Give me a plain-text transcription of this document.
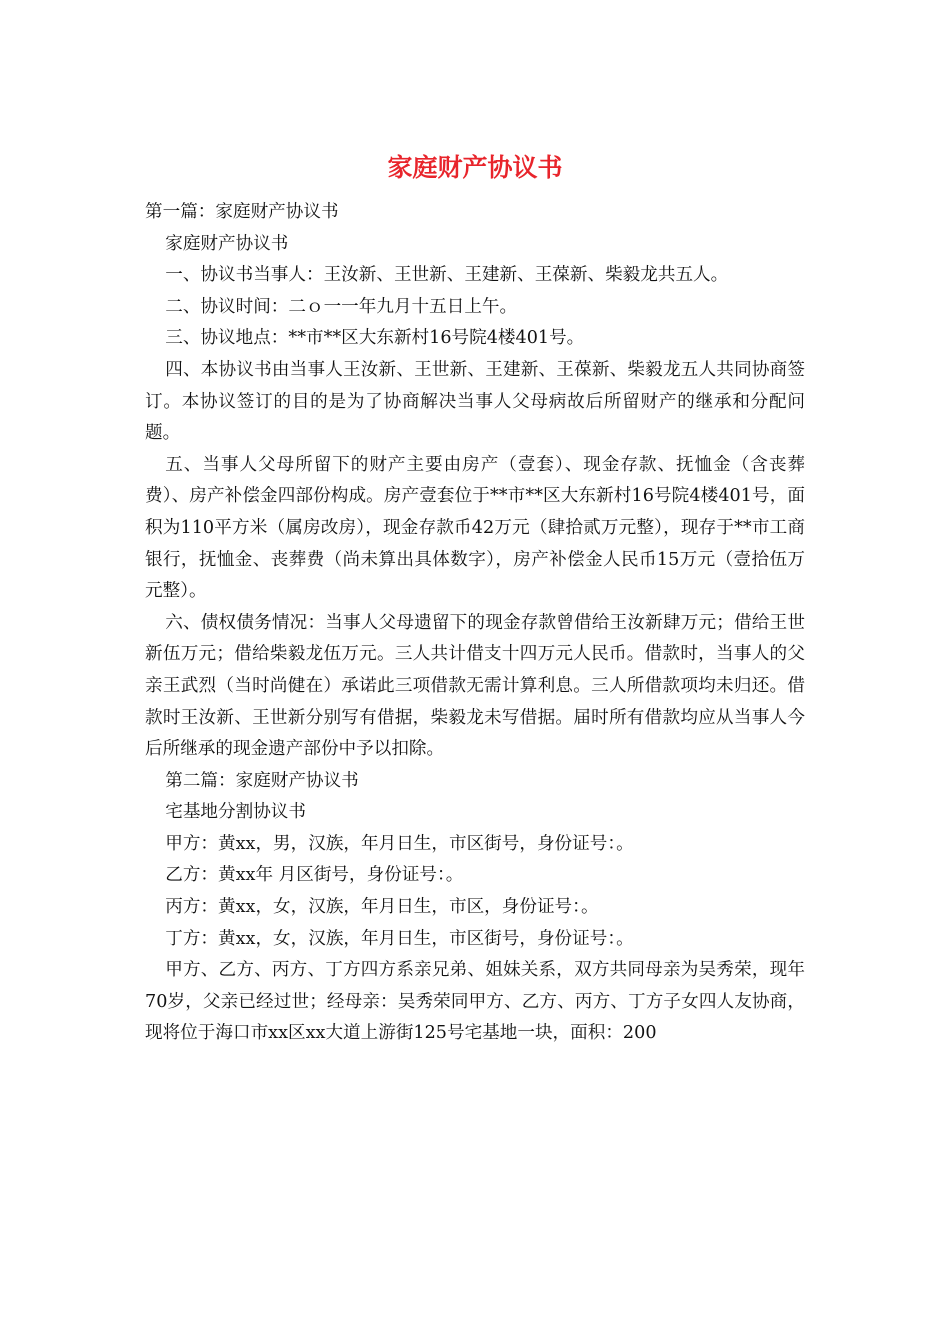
家庭财产协议书

第一篇：家庭财产协议书

家庭财产协议书

一、协议书当事人：王汝新、王世新、王建新、王葆新、柴毅龙共五人。

二、协议时间：二ｏ一一年九月十五日上午。

三、协议地点：**市**区大东新村16号院4楼401号。

四、本协议书由当事人王汝新、王世新、王建新、王葆新、柴毅龙五人共同协商签订。本协议签订的目的是为了协商解决当事人父母病故后所留财产的继承和分配问题。

五、当事人父母所留下的财产主要由房产（壹套）、现金存款、抚恤金（含丧葬费）、房产补偿金四部份构成。房产壹套位于**市**区大东新村16号院4楼401号，面积为110平方米（属房改房），现金存款币42万元（肆拾贰万元整），现存于**市工商银行，抚恤金、丧葬费（尚未算出具体数字），房产补偿金人民币15万元（壹拾伍万元整）。

六、债权债务情况：当事人父母遗留下的现金存款曾借给王汝新肆万元；借给王世新伍万元；借给柴毅龙伍万元。三人共计借支十四万元人民币。借款时，当事人的父亲王武烈（当时尚健在）承诺此三项借款无需计算利息。三人所借款项均未归还。借款时王汝新、王世新分别写有借据，柴毅龙未写借据。届时所有借款均应从当事人今后所继承的现金遗产部份中予以扣除。

第二篇：家庭财产协议书

宅基地分割协议书

甲方：黄xx，男，汉族，年月日生，市区街号，身份证号：。

乙方：黄xx年 月区街号，身份证号：。

丙方：黄xx，女，汉族，年月日生，市区，身份证号：。

丁方：黄xx，女，汉族，年月日生，市区街号，身份证号：。

甲方、乙方、丙方、丁方四方系亲兄弟、姐妹关系，双方共同母亲为吴秀荣，现年70岁，父亲已经过世；经母亲：吴秀荣同甲方、乙方、丙方、丁方子女四人友协商，现将位于海口市xx区xx大道上游街125号宅基地一块，面积：200
